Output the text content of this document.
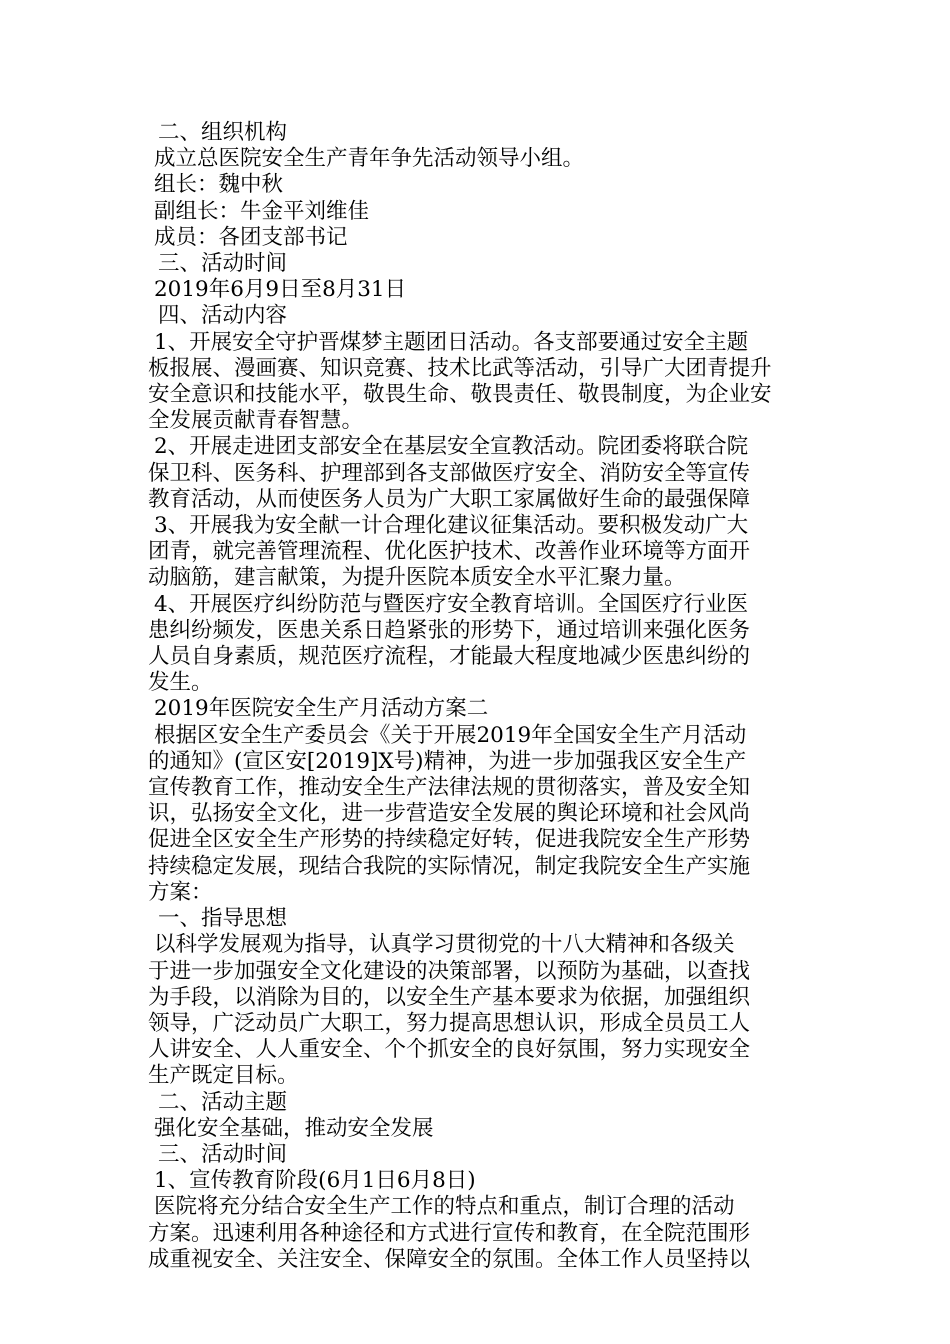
二、组织机构

成立总医院安全生产青年争先活动领导小组。

组长：魏中秋

副组长：牛金平刘维佳

成员：各团支部书记

三、活动时间

2019年6月9日至8月31日

四、活动内容

1、开展安全守护晋煤梦主题团日活动。各支部要通过安全主题

板报展、漫画赛、知识竞赛、技术比武等活动，引导广大团青提升

安全意识和技能水平，敬畏生命、敬畏责任、敬畏制度，为企业安

全发展贡献青春智慧。

2、开展走进团支部安全在基层安全宣教活动。院团委将联合院

保卫科、医务科、护理部到各支部做医疗安全、消防安全等宣传

教育活动，从而使医务人员为广大职工家属做好生命的最强保障

3、开展我为安全献一计合理化建议征集活动。要积极发动广大

团青，就完善管理流程、优化医护技术、改善作业环境等方面开

动脑筋，建言献策，为提升医院本质安全水平汇聚力量。

4、开展医疗纠纷防范与暨医疗安全教育培训。全国医疗行业医

患纠纷频发，医患关系日趋紧张的形势下，通过培训来强化医务

人员自身素质，规范医疗流程，才能最大程度地减少医患纠纷的

发生。

2019年医院安全生产月活动方案二

根据区安全生产委员会《关于开展2019年全国安全生产月活动

的通知》(宣区安[2019]X号)精神，为进一步加强我区安全生产

宣传教育工作，推动安全生产法律法规的贯彻落实，普及安全知

识，弘扬安全文化，进一步营造安全发展的舆论环境和社会风尚

促进全区安全生产形势的持续稳定好转，促进我院安全生产形势

持续稳定发展，现结合我院的实际情况，制定我院安全生产实施

方案：

一、指导思想

以科学发展观为指导，认真学习贯彻党的十八大精神和各级关

于进一步加强安全文化建设的决策部署，以预防为基础，以查找

为手段，以消除为目的，以安全生产基本要求为依据，加强组织

领导，广泛动员广大职工，努力提高思想认识，形成全员员工人

人讲安全、人人重安全、个个抓安全的良好氛围，努力实现安全

生产既定目标。

二、活动主题

强化安全基础，推动安全发展

三、活动时间

1、宣传教育阶段(6月1日6月8日)

医院将充分结合安全生产工作的特点和重点，制订合理的活动

方案。迅速利用各种途径和方式进行宣传和教育，在全院范围形

成重视安全、关注安全、保障安全的氛围。全体工作人员坚持以
